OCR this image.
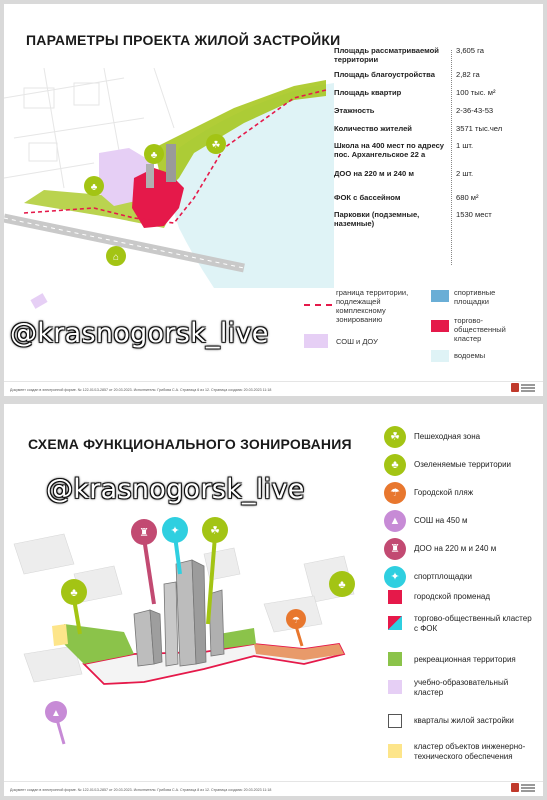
ПАРАМЕТРЫ ПРОЕКТА ЖИЛОЙ ЗАСТРОЙКИ
♣
♣
☘
⌂
Площадь рассматриваемой территории
3,605 га
Площадь благоустройства	2,82 га
Площадь квартир	100 тыс. м²
Этажность	2-36-43-53
Количество жителей	3571 тыс.чел
Школа на 400 мест по адресу пос. Архангельское 22 а
1 шт.
ДОО на 220 м и 240 м	2 шт.
ФОК с бассейном	680 м²
Парковки (подземные, наземные)
1530 мест
граница территории, подлежащей комплексному зонированию
СОШ и ДОУ
спортивные площадки
торгово-общественный кластер
водоемы
Документ создан в электронной форме. № 122-01/13-2857 от 20.03.2023. Исполнитель: Грибова С.А. Страница 6 из 12. Страница создана: 20.03.2023 11:18
СХЕМА ФУНКЦИОНАЛЬНОГО ЗОНИРОВАНИЯ
♜ ✦	☘
♣
♣
☂
▲
☘	Пешеходная зона
♣	Озеленяемые территории
☂	Городской пляж
▲	СОШ на 450 м
♜	ДОО на 220 м и 240 м
✦	спортплощадки
городской променад
торгово-общественный кластер с ФОК
рекреационная территория
учебно-образовательный кластер
кварталы жилой застройки
кластер объектов инженерно-технического обеспечения
Документ создан в электронной форме. № 122-01/13-2857 от 20.03.2023. Исполнитель: Грибова С.А. Страница 8 из 12. Страница создана: 20.03.2023 11:18
@krasnogorsk_live
@krasnogorsk_live
